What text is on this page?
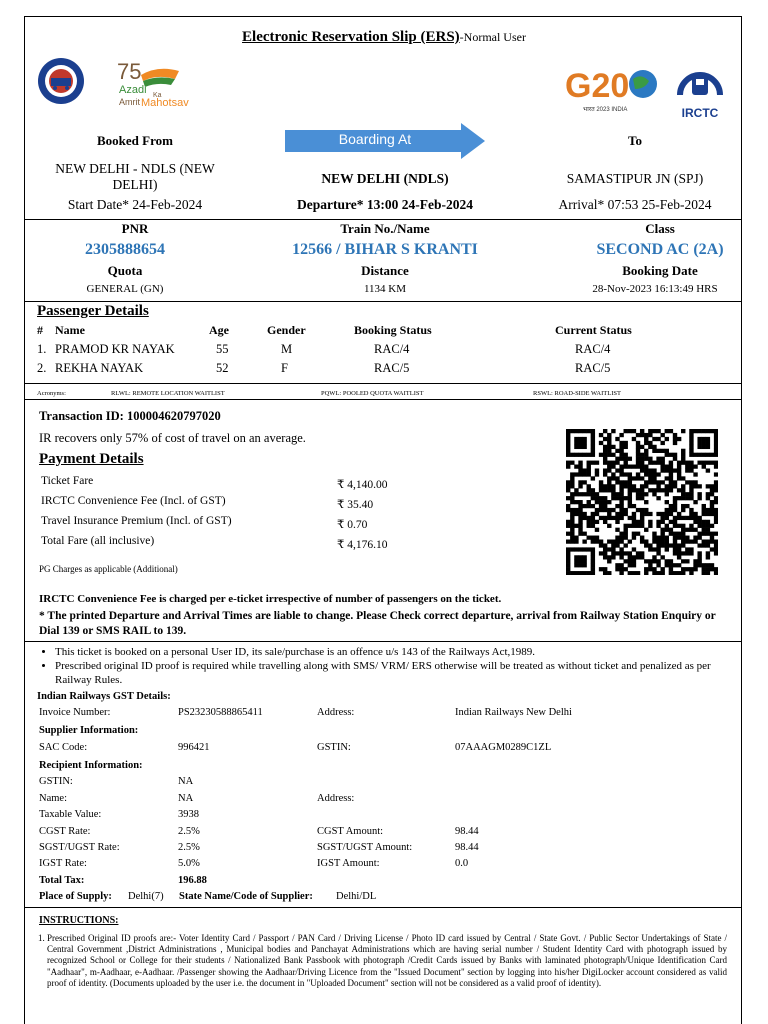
Electronic Reservation Slip (ERS)-Normal User
75
Azadi Ka
Amrit Mahotsav	G20
भारत 2023 INDIA	IRCTC
Booked From	Boarding At	To
NEW DELHI - NDLS (NEW DELHI)	NEW DELHI (NDLS)	SAMASTIPUR JN (SPJ)
Start Date* 24-Feb-2024	Departure* 13:00 24-Feb-2024	Arrival* 07:53 25-Feb-2024
PNR	Train No./Name	Class
2305888654	12566 / BIHAR S KRANTI	SECOND AC (2A)
Quota	Distance	Booking Date
GENERAL (GN)	1134 KM	28-Nov-2023 16:13:49 HRS
Passenger Details
# Name	Age	Gender	Booking Status	Current Status
1. PRAMOD KR NAYAK	55	M	RAC/4	RAC/4
2. REKHA NAYAK	52	F	RAC/5	RAC/5
Acronyms:	RLWL: REMOTE LOCATION WAITLIST	PQWL: POOLED QUOTA WAITLIST	RSWL: ROAD-SIDE WAITLIST
Transaction ID: 100004620797020
IR recovers only 57% of cost of travel on an average.
Payment Details
Ticket Fare	₹ 4,140.00
IRCTC Convenience Fee (Incl. of GST)	₹ 35.40
Travel Insurance Premium (Incl. of GST)	₹ 0.70
Total Fare (all inclusive)	₹ 4,176.10
PG Charges as applicable (Additional)
IRCTC Convenience Fee is charged per e-ticket irrespective of number of passengers on the ticket.
* The printed Departure and Arrival Times are liable to change. Please Check correct departure, arrival from Railway Station Enquiry or Dial 139 or SMS RAIL to 139.
• This ticket is booked on a personal User ID, its sale/purchase is an offence u/s 143 of the Railways Act,1989.
• Prescribed original ID proof is required while travelling along with SMS/ VRM/ ERS otherwise will be treated as without ticket and penalized as per Railway Rules.
Indian Railways GST Details:
Invoice Number:	PS23230588865411	Address:	Indian Railways New Delhi
Supplier Information:
SAC Code:	996421	GSTIN:	07AAAGM0289C1ZL
Recipient Information:
GSTIN:	NA
Name:	NA	Address:
Taxable Value:	3938
CGST Rate:	2.5%	CGST Amount:	98.44
SGST/UGST Rate:	2.5%	SGST/UGST Amount:	98.44
IGST Rate:	5.0%	IGST Amount:	0.0
Total Tax:	196.88
Place of Supply: Delhi(7) State Name/Code of Supplier: Delhi/DL
INSTRUCTIONS:
1. Prescribed Original ID proofs are:- Voter Identity Card / Passport / PAN Card / Driving License / Photo ID card issued by Central / State Govt. / Public Sector Undertakings of State / Central Government ,District Administrations , Municipal bodies and Panchayat Administrations which are having serial number / Student Identity Card with photograph issued by recognized School or College for their students / Nationalized Bank Passbook with photograph /Credit Cards issued by Banks with laminated photograph/Unique Identification Card "Aadhaar", m-Aadhaar, e-Aadhaar. /Passenger showing the Aadhaar/Driving Licence from the "Issued Document" section by logging into his/her DigiLocker account considered as valid proof of identity. (Documents uploaded by the user i.e. the document in "Uploaded Document" section will not be considered as a valid proof of identity).
